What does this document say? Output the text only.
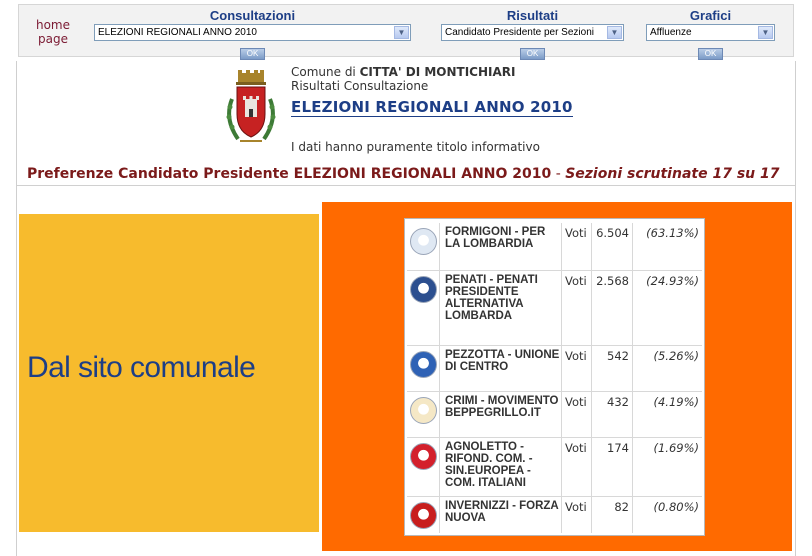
home page
Consultazioni
ELEZIONI REGIONALI ANNO 2010	▼
OK
Risultati
Candidato Presidente per Sezioni	▼
OK
Grafici
Affluenze	▼
OK
Comune di CITTA' DI MONTICHIARI
Risultati Consultazione
ELEZIONI REGIONALI ANNO 2010
I dati hanno puramente titolo informativo
Preferenze Candidato Presidente ELEZIONI REGIONALI ANNO 2010 - Sezioni scrutinate 17 su 17
Dal sito comunale
FORMIGONI - PER LA LOMBARDIA
Voti 6.504	(63.13%)
PENATI - PENATI PRESIDENTE ALTERNATIVA LOMBARDA
Voti 2.568	(24.93%)
PEZZOTTA - UNIONE DI CENTRO
Voti	542	(5.26%)
CRIMI - MOVIMENTO BEPPEGRILLO.IT
Voti	432	(4.19%)
AGNOLETTO - RIFOND. COM. - SIN.EUROPEA - COM. ITALIANI
Voti	174	(1.69%)
INVERNIZZI - FORZA NUOVA
Voti	82	(0.80%)
